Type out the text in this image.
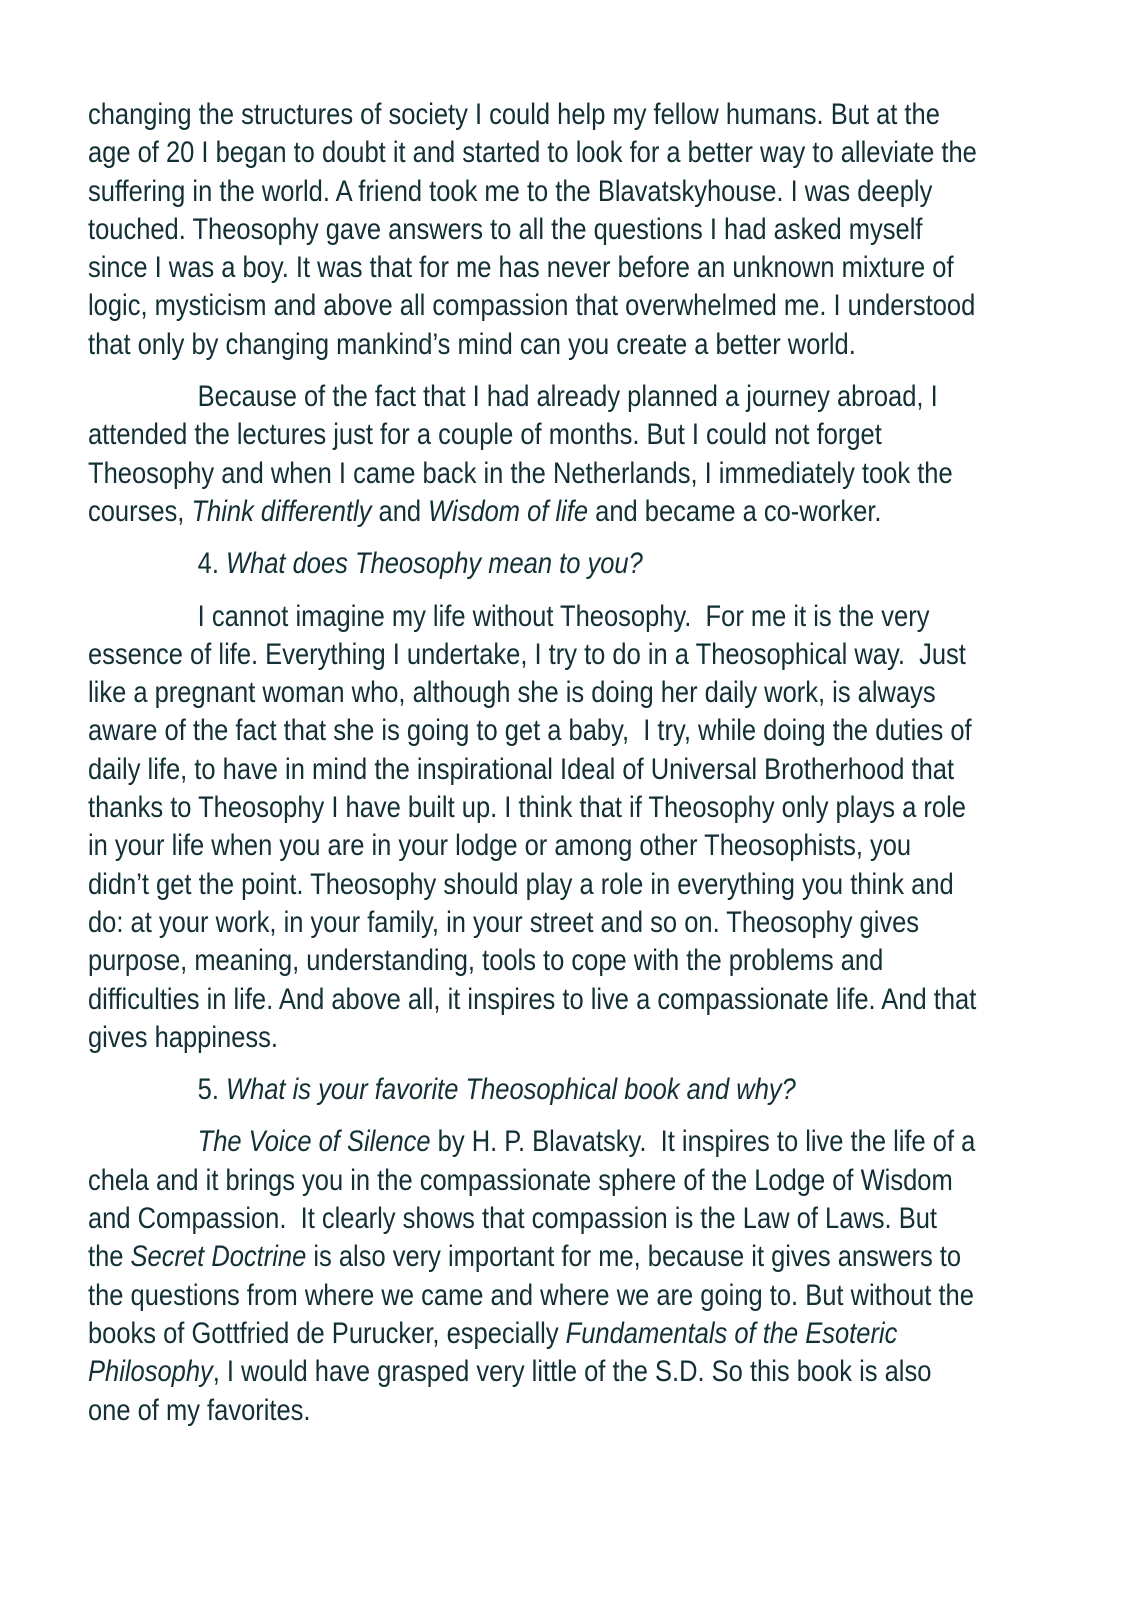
changing the structures of society I could help my fellow humans. But at the
age of 20 I began to doubt it and started to look for a better way to alleviate the
suffering in the world. A friend took me to the Blavatskyhouse. I was deeply
touched. Theosophy gave answers to all the questions I had asked myself
since I was a boy. It was that for me has never before an unknown mixture of
logic, mysticism and above all compassion that overwhelmed me. I understood
that only by changing mankind’s mind can you create a better world.
Because of the fact that I had already planned a journey abroad, I
attended the lectures just for a couple of months. But I could not forget
Theosophy and when I came back in the Netherlands, I immediately took the
courses, Think differently and Wisdom of life and became a co-worker.
4. What does Theosophy mean to you?
I cannot imagine my life without Theosophy.  For me it is the very
essence of life. Everything I undertake, I try to do in a Theosophical way.  Just
like a pregnant woman who, although she is doing her daily work, is always
aware of the fact that she is going to get a baby,  I try, while doing the duties of
daily life, to have in mind the inspirational Ideal of Universal Brotherhood that
thanks to Theosophy I have built up. I think that if Theosophy only plays a role
in your life when you are in your lodge or among other Theosophists, you
didn’t get the point. Theosophy should play a role in everything you think and
do: at your work, in your family, in your street and so on. Theosophy gives
purpose, meaning, understanding, tools to cope with the problems and
difficulties in life. And above all, it inspires to live a compassionate life. And that
gives happiness.
5. What is your favorite Theosophical book and why?
The Voice of Silence by H. P. Blavatsky.  It inspires to live the life of a
chela and it brings you in the compassionate sphere of the Lodge of Wisdom
and Compassion.  It clearly shows that compassion is the Law of Laws. But
the Secret Doctrine is also very important for me, because it gives answers to
the questions from where we came and where we are going to. But without the
books of Gottfried de Purucker, especially Fundamentals of the Esoteric
Philosophy, I would have grasped very little of the S.D. So this book is also
one of my favorites.
